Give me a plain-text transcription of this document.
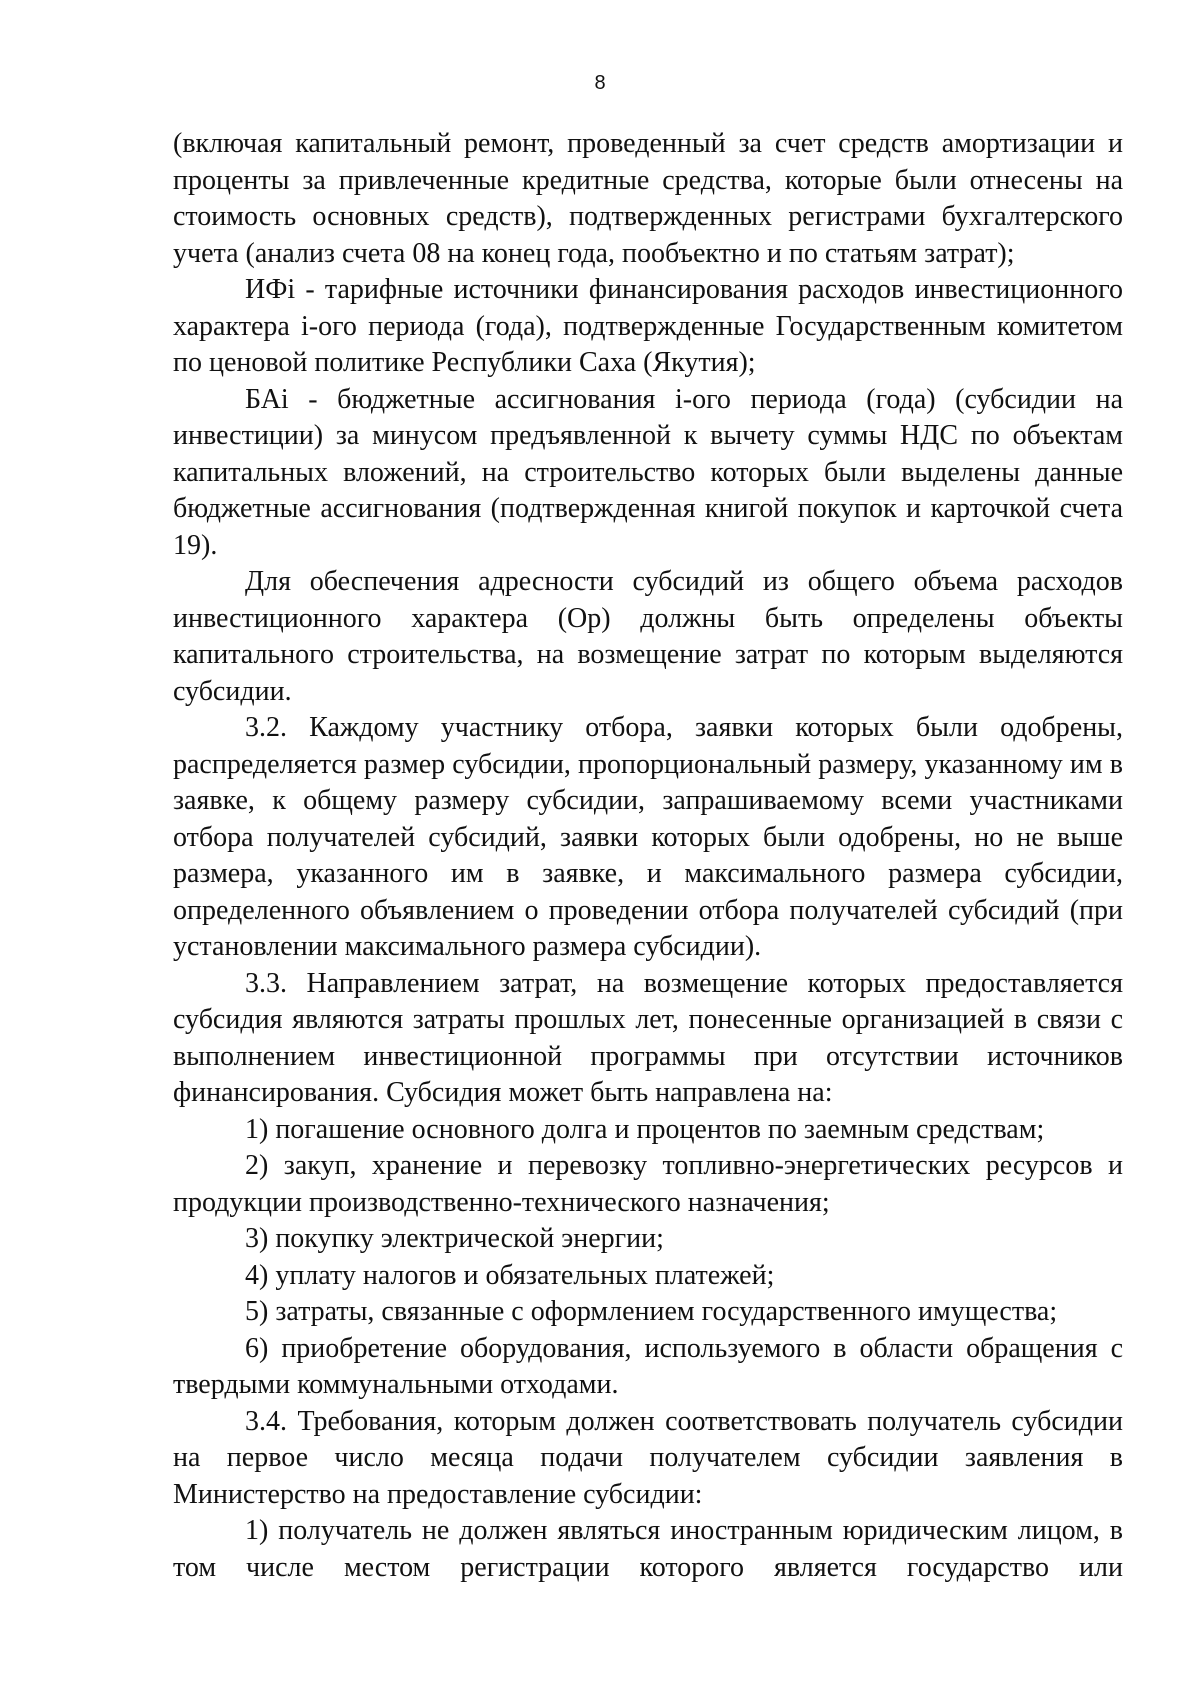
8

(включая капитальный ремонт, проведенный за счет средств амортизации и проценты за привлеченные кредитные средства, которые были отнесены на стоимость основных средств), подтвержденных регистрами бухгалтерского учета (анализ счета 08 на конец года, пообъектно и по статьям затрат);

ИФi - тарифные источники финансирования расходов инвестиционного характера i-ого периода (года), подтвержденные Государственным комитетом по ценовой политике Республики Саха (Якутия);

БАi - бюджетные ассигнования i-ого периода (года) (субсидии на инвестиции) за минусом предъявленной к вычету суммы НДС по объектам капитальных вложений, на строительство которых были выделены данные бюджетные ассигнования (подтвержденная книгой покупок и карточкой счета 19).

Для обеспечения адресности субсидий из общего объема расходов инвестиционного характера (Ор) должны быть определены объекты капитального строительства, на возмещение затрат по которым выделяются субсидии.

3.2. Каждому участнику отбора, заявки которых были одобрены, распределяется размер субсидии, пропорциональный размеру, указанному им в заявке, к общему размеру субсидии, запрашиваемому всеми участниками отбора получателей субсидий, заявки которых были одобрены, но не выше размера, указанного им в заявке, и максимального размера субсидии, определенного объявлением о проведении отбора получателей субсидий (при установлении максимального размера субсидии).

3.3. Направлением затрат, на возмещение которых предоставляется субсидия являются затраты прошлых лет, понесенные организацией в связи с выполнением инвестиционной программы при отсутствии источников финансирования. Субсидия может быть направлена на:

1) погашение основного долга и процентов по заемным средствам;

2) закуп, хранение и перевозку топливно-энергетических ресурсов и продукции производственно-технического назначения;

3) покупку электрической энергии;

4) уплату налогов и обязательных платежей;

5) затраты, связанные с оформлением государственного имущества;

6) приобретение оборудования, используемого в области обращения с твердыми коммунальными отходами.

3.4. Требования, которым должен соответствовать получатель субсидии на первое число месяца подачи получателем субсидии заявления в Министерство на предоставление субсидии:

1) получатель не должен являться иностранным юридическим лицом, в том числе местом регистрации которого является государство или
